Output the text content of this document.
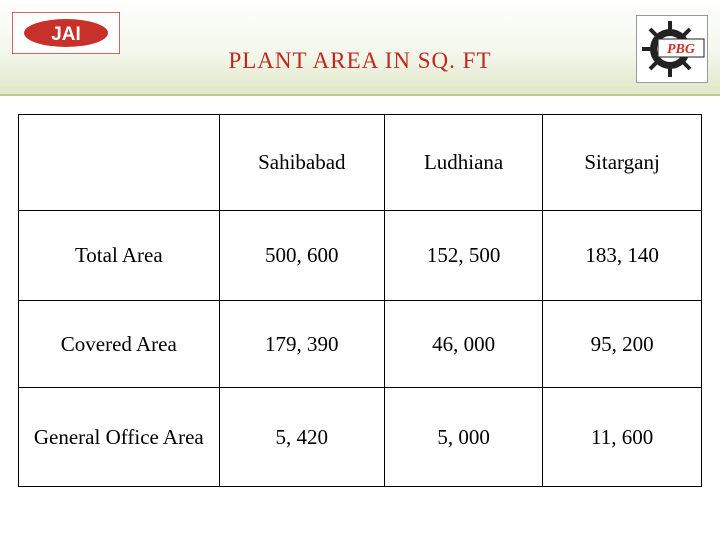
JAI
PBG
PLANT AREA IN SQ. FT
	Sahibabad	Ludhiana	Sitarganj
Total Area	500, 600	152, 500	183, 140
Covered Area	179, 390	46, 000	95, 200

General Office Area	5, 420	5, 000	11, 600
